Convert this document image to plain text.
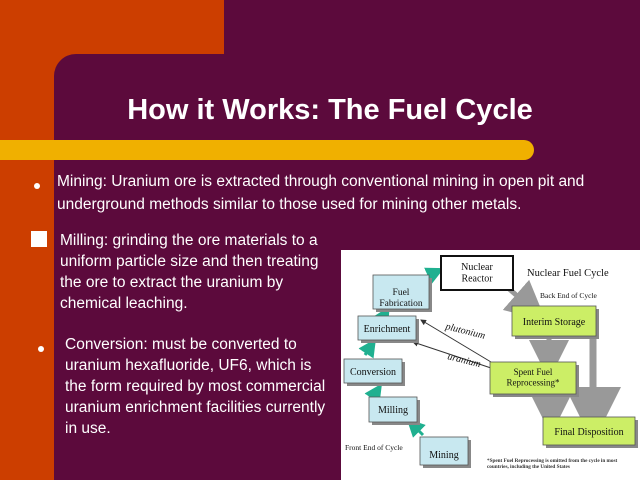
How it Works: The Fuel Cycle
Mining: Uranium ore is extracted through conventional mining in open pit and underground methods similar to those used for mining other metals.
Milling: grinding the ore materials to a uniform particle size and then treating the ore to extract the uranium by chemical leaching.
Conversion: must be converted to uranium hexafluoride, UF6, which is the form required by most commercial uranium enrichment facilities currently in use.
plutonium
uranium
Nuclear Reactor
Fuel Fabrication
Enrichment
Conversion
Milling
Mining
Interim Storage
Spent Fuel Reprocessing*
Final Disposition
Nuclear Fuel Cycle
Back End of Cycle
Front End of Cycle
*Spent Fuel Reprocessing is omitted from the cycle in most countries, including the United States
